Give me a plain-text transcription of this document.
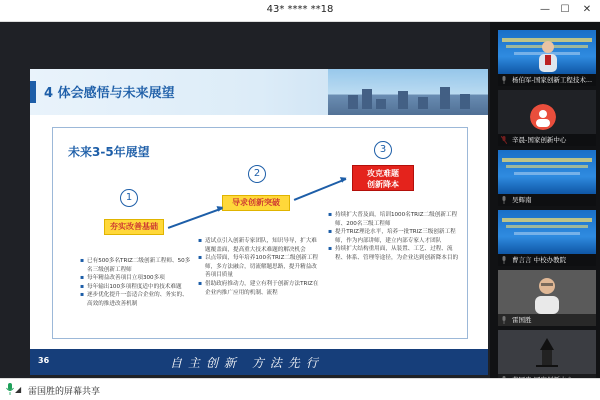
43* **** **18	— ☐ ✕
4 体会感悟与未来展望
未来3-5年展望
1
夯实改善基础
2
导求创新突破
3
攻克难题
创新降本
▪ 已有500多名TRIZ二级创新工程师、50多名三级创新工程师
▪ 每年精益改善项目立项300多项
▪ 每年输出100多项程度适中的技术难题
▪ 逐步优化提升一套适合企业的、务实的、高效的推进改善机制
▪ 适试点引入创新专家团队，知识导导，扩大难题覆盖面，提高重大技术难题的解决机会
▪ 以点带面，每年培养100名TRIZ二级创新工程师，多方法融合，切流解题思路，提升精益改善项目质量
▪ 借助政府推动力，建立有利于创新方法TRIZ在企业内推广应用的机制、流程
▪ 持续扩大普及面，培训1000名TRIZ二级创新工程师、200名三级工程师
▪ 提升TRIZ理论水平，培养一批TRIZ三级创新工程师，作为内部讲师，建立内部专家人才团队
▪ 持续扩大结构重用面，从装置、工艺、过程、流程、体系、管理等途径，为企业达到创新降本目的
36	自主创新 方法先行
杨伯军-国家创新工程技术...
辛晨-国家创新中心
吴辉南
曹言言 中校办教院
雷国胜
◢ 雷国胜的屏幕共享
